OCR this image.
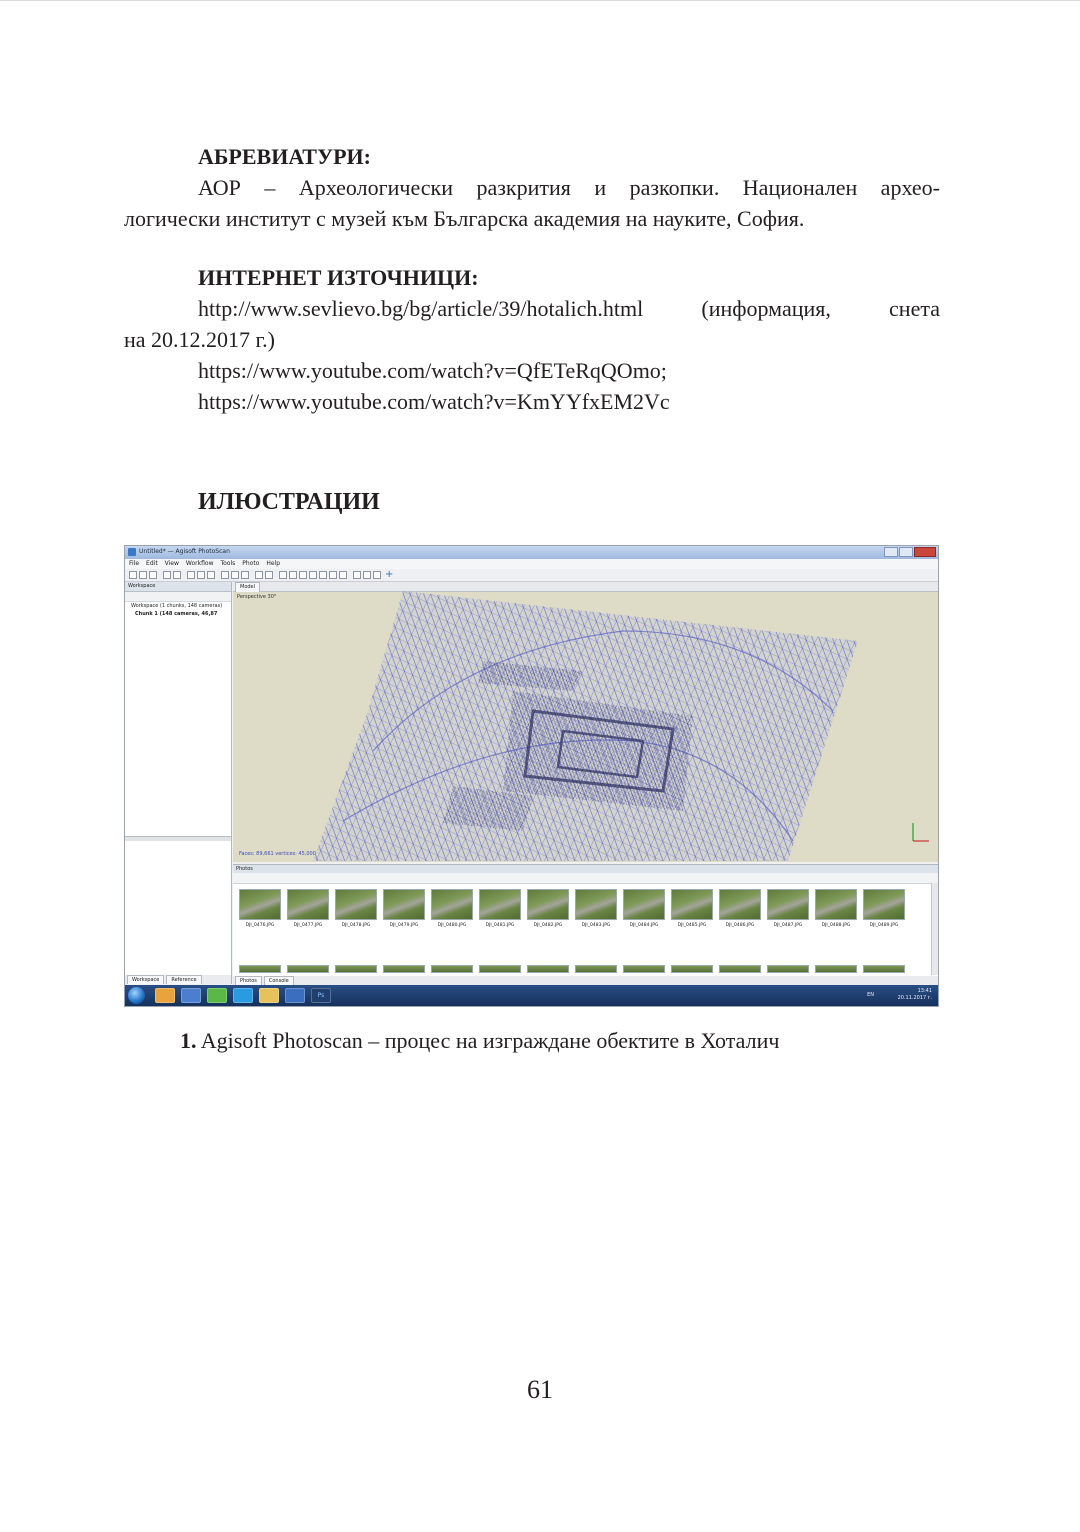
АБРЕВИАТУРИ:
АОР – Археологически разкрития и разкопки. Национален архео-
логически институт с музей към Българска академия на науките, София.
ИНТЕРНЕТ ИЗТОЧНИЦИ:
http://www.sevlievo.bg/bg/article/39/hotalich.html (информация, снета
на 20.12.2017 г.)
https://www.youtube.com/watch?v=QfETeRqQOmo;
https://www.youtube.com/watch?v=KmYYfxEM2Vc
ИЛЮСТРАЦИИ
Untitled* — Agisoft PhotoScan
File Edit View Workflow Tools Photo Help
+
Workspace
Workspace (1 chunks, 148 cameras)
Chunk 1 (148 cameras, 46,87
Workspace	Reference
Model
Perspective 30°
Faces: 89,661 vertices: 45,000
Photos
DJI_0476.JPG	DJI_0477.JPG	DJI_0478.JPG	DJI_0479.JPG	DJI_0480.JPG	DJI_0481.JPG	DJI_0482.JPG	DJI_0483.JPG	DJI_0484.JPG	DJI_0485.JPG	DJI_0486.JPG	DJI_0487.JPG	DJI_0488.JPG	DJI_0489.JPG
Photos	Console
Ps	EN
13:41
20.11.2017 г.
1. Agisoft Photoscan – процес на изграждане обектите в Хоталич
61
